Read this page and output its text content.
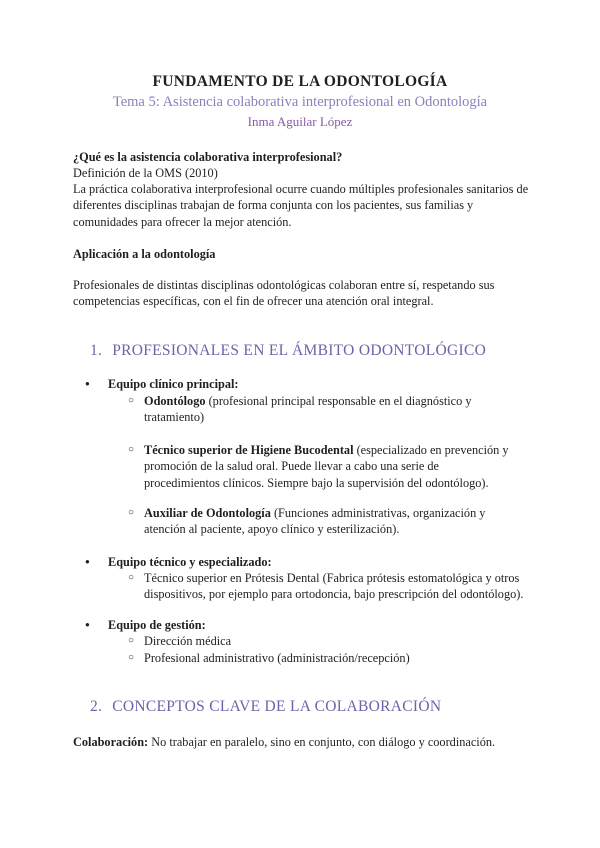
FUNDAMENTO DE LA ODONTOLOGÍA
Tema 5: Asistencia colaborativa interprofesional en Odontología
Inma Aguilar López
¿Qué es la asistencia colaborativa interprofesional?
Definición de la OMS (2010)
La práctica colaborativa interprofesional ocurre cuando múltiples profesionales sanitarios de diferentes disciplinas trabajan de forma conjunta con los pacientes, sus familias y comunidades para ofrecer la mejor atención.
Aplicación a la odontología
Profesionales de distintas disciplinas odontológicas colaboran entre sí, respetando sus competencias específicas, con el fin de ofrecer una atención oral integral.
1. PROFESIONALES EN EL ÁMBITO ODONTOLÓGICO
● Equipo clínico principal:
○ Odontólogo (profesional principal responsable en el diagnóstico y tratamiento)
○ Técnico superior de Higiene Bucodental (especializado en prevención y promoción de la salud oral. Puede llevar a cabo una serie de procedimientos clínicos. Siempre bajo la supervisión del odontólogo).
○ Auxiliar de Odontología (Funciones administrativas, organización y atención al paciente, apoyo clínico y esterilización).
● Equipo técnico y especializado:
○ Técnico superior en Prótesis Dental (Fabrica prótesis estomatológica y otros dispositivos, por ejemplo para ortodoncia, bajo prescripción del odontólogo).
● Equipo de gestión:
○ Dirección médica
○ Profesional administrativo (administración/recepción)
2. CONCEPTOS CLAVE DE LA COLABORACIÓN
Colaboración: No trabajar en paralelo, sino en conjunto, con diálogo y coordinación.
